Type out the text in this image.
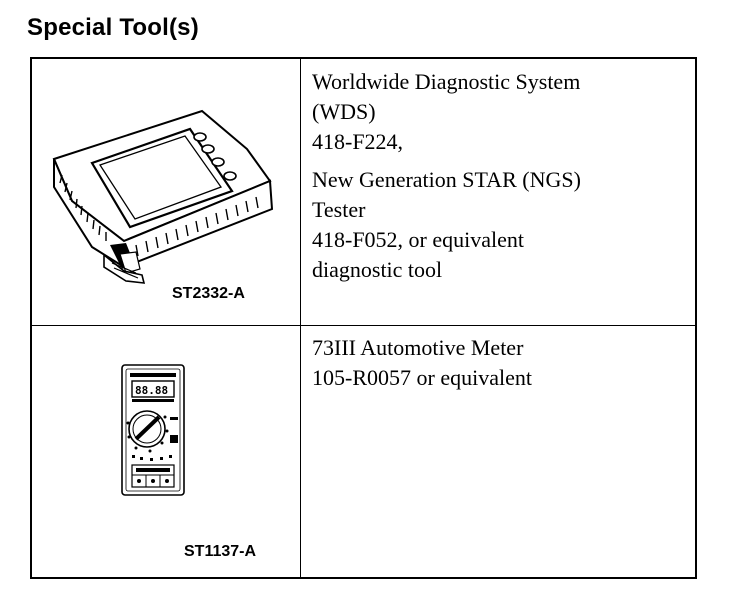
Special Tool(s)
ST2332-A

Worldwide Diagnostic System

(WDS)

418-F224,

New Generation STAR (NGS)

Tester

418-F052, or equivalent

diagnostic tool

88.88
ST1137-A

73III Automotive Meter

105-R0057 or equivalent
